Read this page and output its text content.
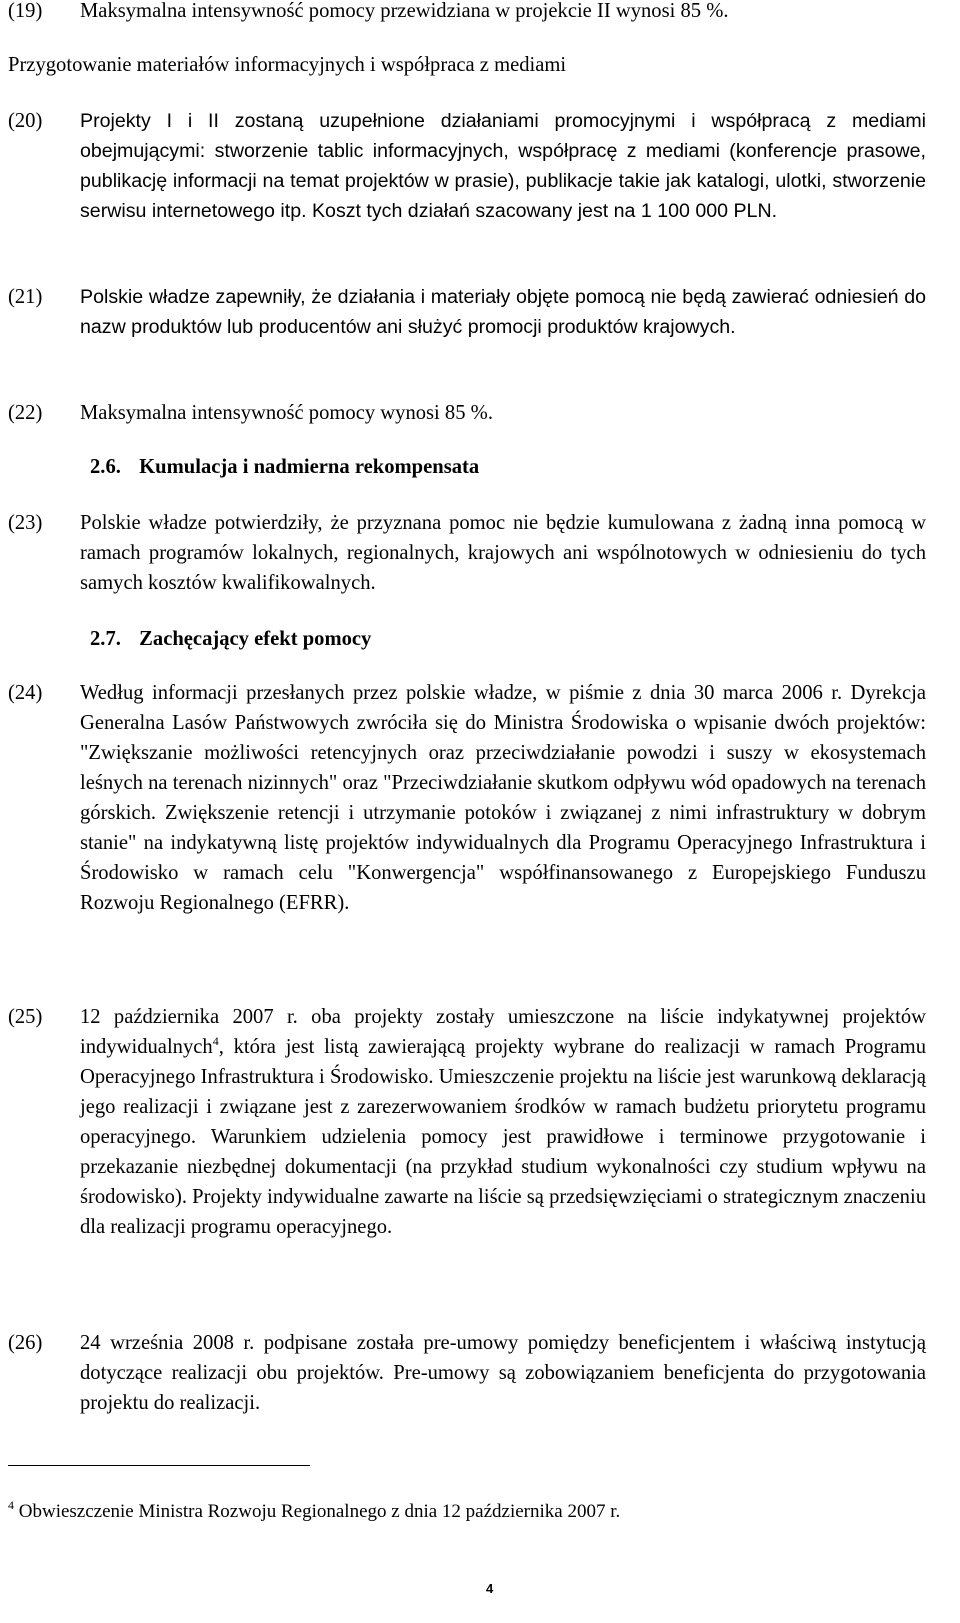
(19)	Maksymalna intensywność pomocy przewidziana w projekcie II wynosi 85 %.
Przygotowanie materiałów informacyjnych i współpraca z mediami
(20)	Projekty I i II zostaną uzupełnione działaniami promocyjnymi i współpracą z mediami obejmującymi: stworzenie tablic informacyjnych, współpracę z mediami (konferencje prasowe, publikację informacji na temat projektów w prasie), publikacje takie jak katalogi, ulotki, stworzenie serwisu internetowego itp. Koszt tych działań szacowany jest na 1 100 000 PLN.
(21)	Polskie władze zapewniły, że działania i materiały objęte pomocą nie będą zawierać odniesień do nazw produktów lub producentów ani służyć promocji produktów krajowych.
(22)	Maksymalna intensywność pomocy wynosi 85 %.
2.6. Kumulacja i nadmierna rekompensata
(23)	Polskie władze potwierdziły, że przyznana pomoc nie będzie kumulowana z żadną inna pomocą w ramach programów lokalnych, regionalnych, krajowych ani wspólnotowych w odniesieniu do tych samych kosztów kwalifikowalnych.
2.7. Zachęcający efekt pomocy
(24)	Według informacji przesłanych przez polskie władze, w piśmie z dnia 30 marca 2006 r. Dyrekcja Generalna Lasów Państwowych zwróciła się do Ministra Środowiska o wpisanie dwóch projektów: "Zwiększanie możliwości retencyjnych oraz przeciwdziałanie powodzi i suszy w ekosystemach leśnych na terenach nizinnych" oraz "Przeciwdziałanie skutkom odpływu wód opadowych na terenach górskich. Zwiększenie retencji i utrzymanie potoków i związanej z nimi infrastruktury w dobrym stanie" na indykatywną listę projektów indywidualnych dla Programu Operacyjnego Infrastruktura i Środowisko w ramach celu "Konwergencja" współfinansowanego z Europejskiego Funduszu Rozwoju Regionalnego (EFRR).
(25)	12 października 2007 r. oba projekty zostały umieszczone na liście indykatywnej projektów indywidualnych$^4$, która jest listą zawierającą projekty wybrane do realizacji w ramach Programu Operacyjnego Infrastruktura i Środowisko. Umieszczenie projektu na liście jest warunkową deklaracją jego realizacji i związane jest z zarezerwowaniem środków w ramach budżetu priorytetu programu operacyjnego. Warunkiem udzielenia pomocy jest prawidłowe i terminowe przygotowanie i przekazanie niezbędnej dokumentacji (na przykład studium wykonalności czy studium wpływu na środowisko). Projekty indywidualne zawarte na liście są przedsięwzięciami o strategicznym znaczeniu dla realizacji programu operacyjnego.
(26)	24 września 2008 r. podpisane została pre-umowy pomiędzy beneficjentem i właściwą instytucją dotyczące realizacji obu projektów. Pre-umowy są zobowiązaniem beneficjenta do przygotowania projektu do realizacji.
$^4$ Obwieszczenie Ministra Rozwoju Regionalnego z dnia 12 października 2007 r.
4
